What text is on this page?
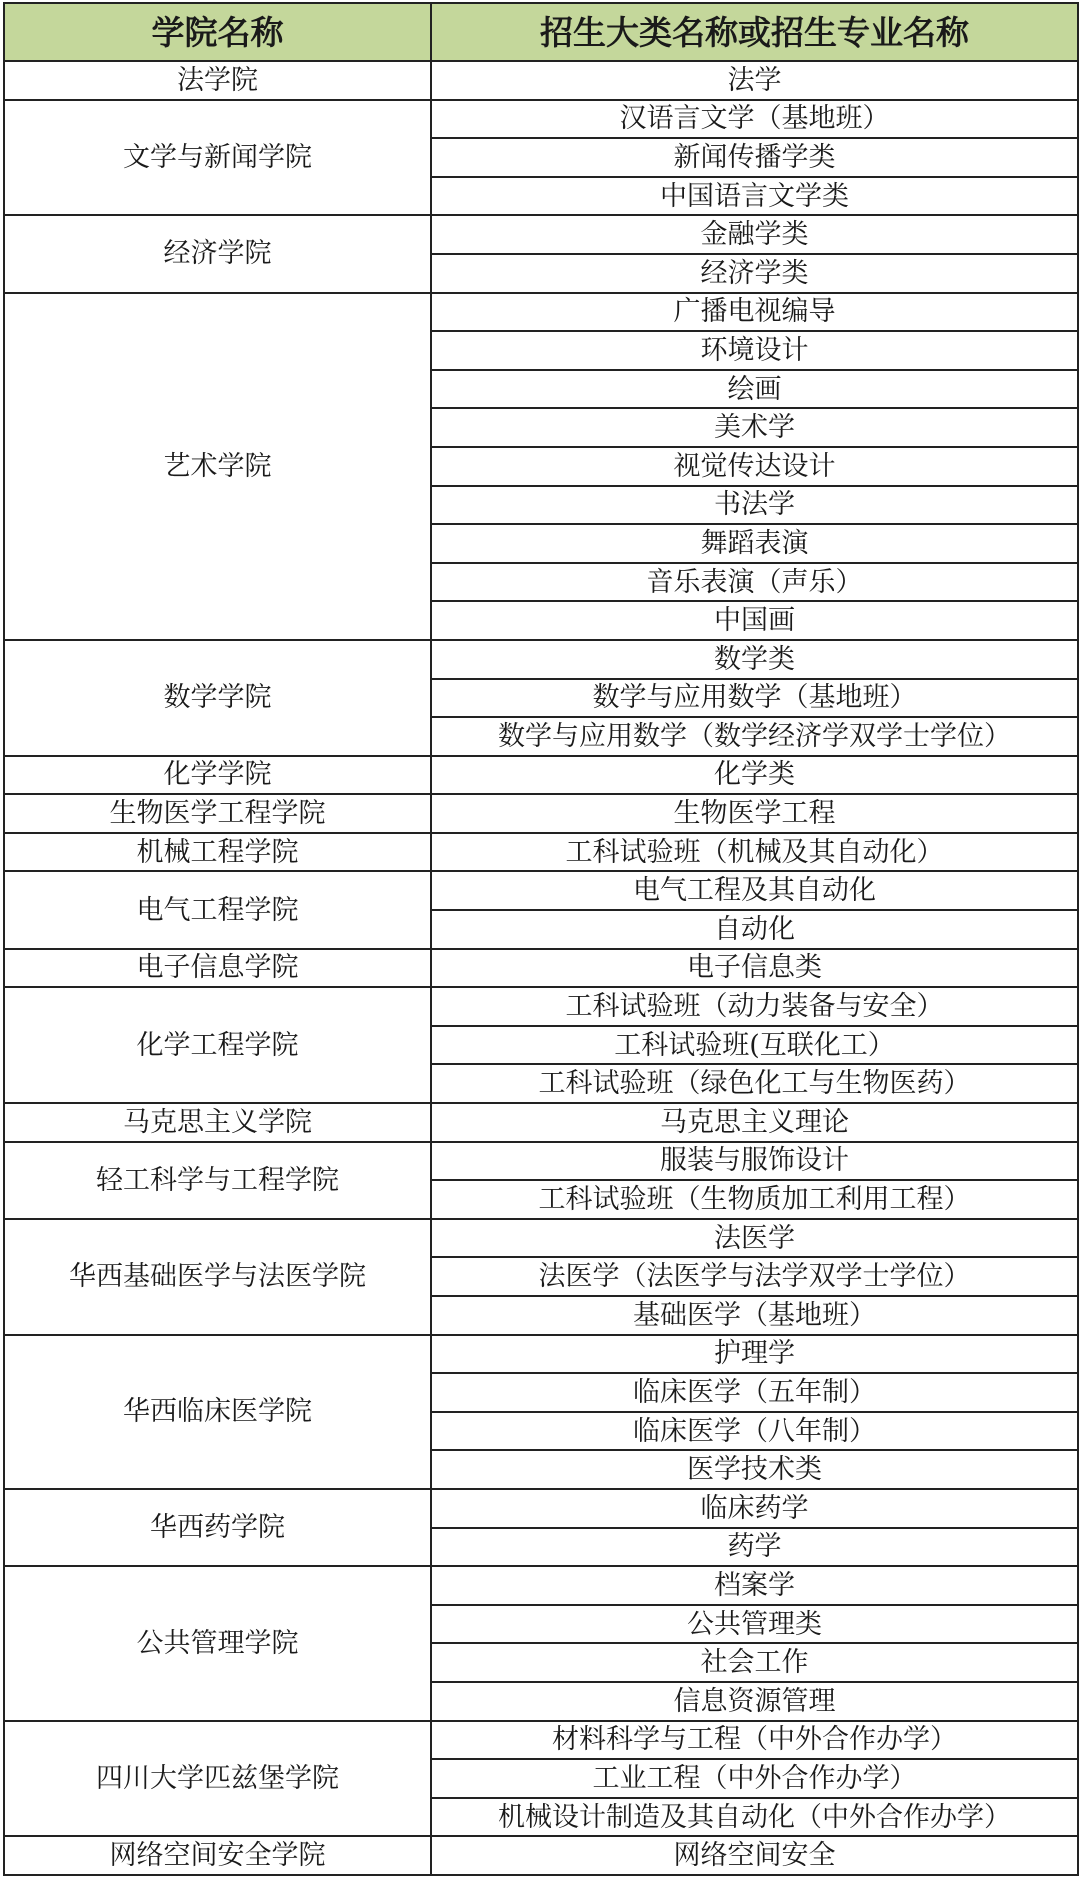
学院名称	招生大类名称或招生专业名称
法学院	法学
文学与新闻学院	汉语言文学（基地班）
	新闻传播学类
	中国语言文学类
经济学院	金融学类
	经济学类
艺术学院	广播电视编导
	环境设计
	绘画
	美术学
	视觉传达设计
	书法学
	舞蹈表演
	音乐表演（声乐）
	中国画
数学学院	数学类
	数学与应用数学（基地班）
	数学与应用数学（数学经济学双学士学位）
化学学院	化学类
生物医学工程学院	生物医学工程
机械工程学院	工科试验班（机械及其自动化）
电气工程学院	电气工程及其自动化
	自动化
电子信息学院	电子信息类
化学工程学院	工科试验班（动力装备与安全）
	工科试验班(互联化工）
	工科试验班（绿色化工与生物医药）
马克思主义学院	马克思主义理论
轻工科学与工程学院	服装与服饰设计
	工科试验班（生物质加工利用工程）
华西基础医学与法医学院	法医学
	法医学（法医学与法学双学士学位）
	基础医学（基地班）
华西临床医学院	护理学
	临床医学（五年制）
	临床医学（八年制）
	医学技术类
华西药学院	临床药学
	药学
公共管理学院	档案学
	公共管理类
	社会工作
	信息资源管理
四川大学匹兹堡学院	材料科学与工程（中外合作办学）
	工业工程（中外合作办学）
	机械设计制造及其自动化（中外合作办学）
网络空间安全学院	网络空间安全
